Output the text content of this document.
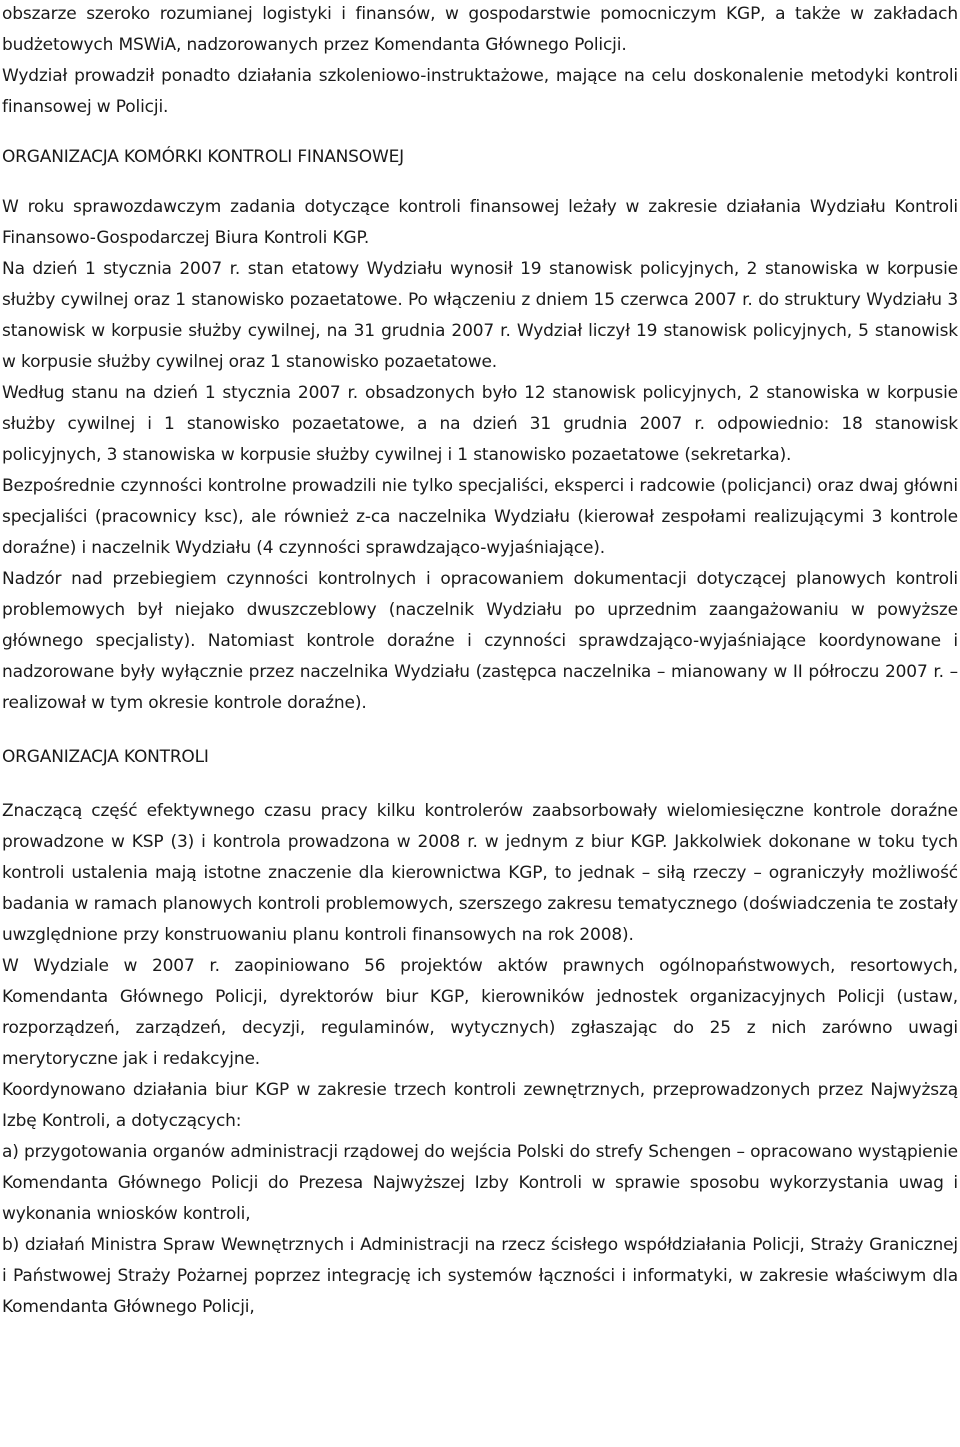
obszarze szeroko rozumianej logistyki i finansów, w gospodarstwie pomocniczym KGP, a także w zakładach budżetowych MSWiA, nadzorowanych przez Komendanta Głównego Policji.

Wydział prowadził ponadto działania szkoleniowo-instruktażowe, mające na celu doskonalenie metodyki kontroli finansowej w Policji.

ORGANIZACJA KOMÓRKI KONTROLI FINANSOWEJ

W roku sprawozdawczym zadania dotyczące kontroli finansowej leżały w zakresie działania Wydziału Kontroli Finansowo-Gospodarczej Biura Kontroli KGP.

Na dzień 1 stycznia 2007 r. stan etatowy Wydziału wynosił 19 stanowisk policyjnych, 2 stanowiska w korpusie służby cywilnej oraz 1 stanowisko pozaetatowe. Po włączeniu z dniem 15 czerwca 2007 r. do struktury Wydziału 3 stanowisk w korpusie służby cywilnej, na 31 grudnia 2007 r. Wydział liczył 19 stanowisk policyjnych, 5 stanowisk w korpusie służby cywilnej oraz 1 stanowisko pozaetatowe.

Według stanu na dzień 1 stycznia 2007 r. obsadzonych było 12 stanowisk policyjnych, 2 stanowiska w korpusie służby cywilnej i 1 stanowisko pozaetatowe, a na dzień 31 grudnia 2007 r. odpowiednio: 18 stanowisk policyjnych, 3 stanowiska w korpusie służby cywilnej i 1 stanowisko pozaetatowe (sekretarka).

Bezpośrednie czynności kontrolne prowadzili nie tylko specjaliści, eksperci i radcowie (policjanci) oraz dwaj główni specjaliści (pracownicy ksc), ale również z-ca naczelnika Wydziału (kierował zespołami realizującymi 3 kontrole doraźne) i naczelnik Wydziału (4 czynności sprawdzająco-wyjaśniające).

Nadzór nad przebiegiem czynności kontrolnych i opracowaniem dokumentacji dotyczącej planowych kontroli problemowych był niejako dwuszczeblowy (naczelnik Wydziału po uprzednim zaangażowaniu w powyższe głównego specjalisty). Natomiast kontrole doraźne i czynności sprawdzająco-wyjaśniające koordynowane i nadzorowane były wyłącznie przez naczelnika Wydziału (zastępca naczelnika – mianowany w II półroczu 2007 r. – realizował w tym okresie kontrole doraźne).

ORGANIZACJA KONTROLI

Znaczącą część efektywnego czasu pracy kilku kontrolerów zaabsorbowały wielomiesięczne kontrole doraźne prowadzone w KSP (3) i kontrola prowadzona w 2008 r. w jednym z biur KGP. Jakkolwiek dokonane w toku tych kontroli ustalenia mają istotne znaczenie dla kierownictwa KGP, to jednak – siłą rzeczy – ograniczyły możliwość badania w ramach planowych kontroli problemowych, szerszego zakresu tematycznego (doświadczenia te zostały uwzględnione przy konstruowaniu planu kontroli finansowych na rok 2008).

W Wydziale w 2007 r. zaopiniowano 56 projektów aktów prawnych ogólnopaństwowych, resortowych, Komendanta Głównego Policji, dyrektorów biur KGP, kierowników jednostek organizacyjnych Policji (ustaw, rozporządzeń, zarządzeń, decyzji, regulaminów, wytycznych) zgłaszając do 25 z nich zarówno uwagi merytoryczne jak i redakcyjne.

Koordynowano działania biur KGP w zakresie trzech kontroli zewnętrznych, przeprowadzonych przez Najwyższą Izbę Kontroli, a dotyczących:

a) przygotowania organów administracji rządowej do wejścia Polski do strefy Schengen – opracowano wystąpienie Komendanta Głównego Policji do Prezesa Najwyższej Izby Kontroli w sprawie sposobu wykorzystania uwag i wykonania wniosków kontroli,

b) działań Ministra Spraw Wewnętrznych i Administracji na rzecz ścisłego współdziałania Policji, Straży Granicznej i Państwowej Straży Pożarnej poprzez integrację ich systemów łączności i informatyki, w zakresie właściwym dla Komendanta Głównego Policji,
